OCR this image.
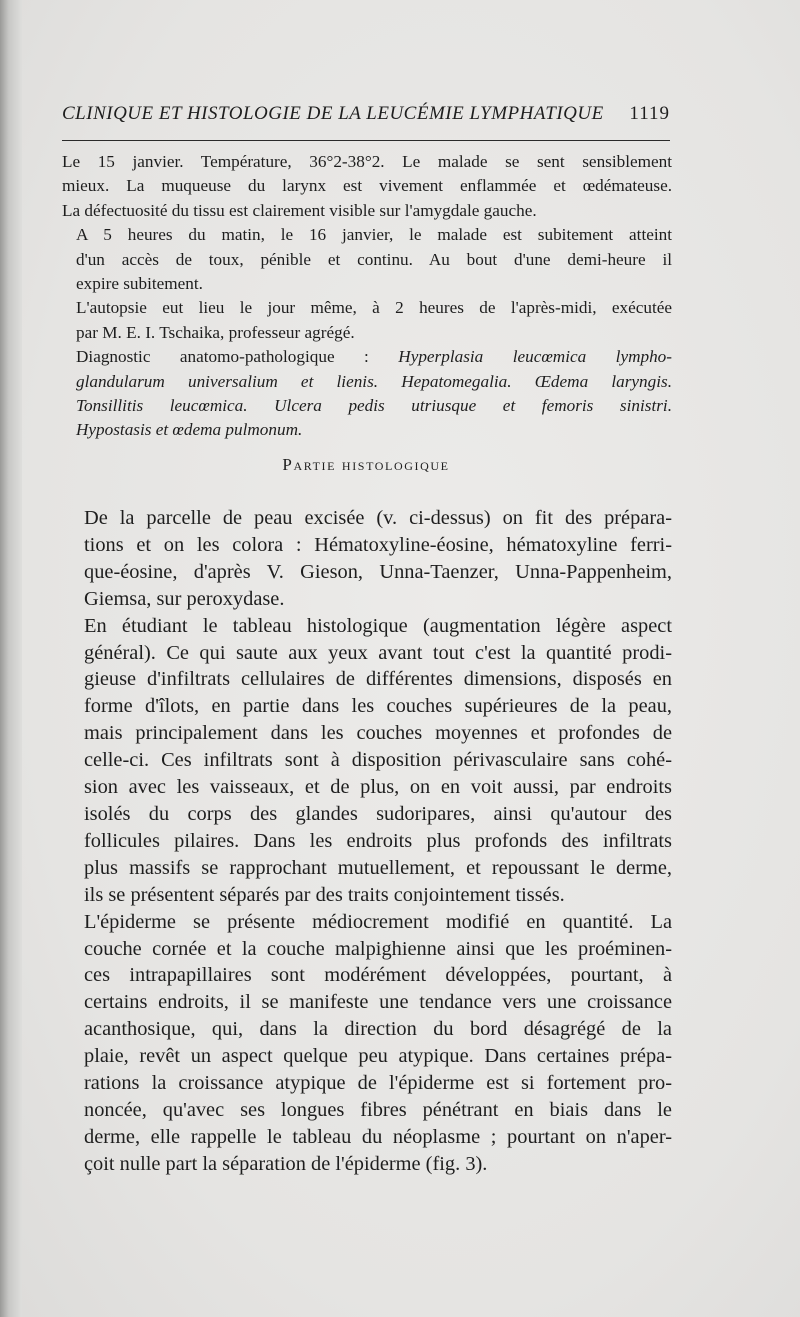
CLINIQUE ET HISTOLOGIE DE LA LEUCÉMIE LYMPHATIQUE 1119

Le 15 janvier. Température, 36°2-38°2. Le malade se sent sensiblement
mieux. La muqueuse du larynx est vivement enflammée et œdémateuse.
La défectuosité du tissu est clairement visible sur l'amygdale gauche.

A 5 heures du matin, le 16 janvier, le malade est subitement atteint
d'un accès de toux, pénible et continu. Au bout d'une demi-heure il
expire subitement.

L'autopsie eut lieu le jour même, à 2 heures de l'après-midi, exécutée
par M. E. I. Tschaika, professeur agrégé.

Diagnostic anatomo-pathologique : Hyperplasia leucœmica lympho-
glandularum universalium et lienis. Hepatomegalia. Œdema laryngis.
Tonsillitis leucœmica. Ulcera pedis utriusque et femoris sinistri.
Hypostasis et œdema pulmonum.

Partie histologique

De la parcelle de peau excisée (v. ci-dessus) on fit des prépara-
tions et on les colora : Hématoxyline-éosine, hématoxyline ferri-
que-éosine, d'après V. Gieson, Unna-Taenzer, Unna-Pappenheim,
Giemsa, sur peroxydase.

En étudiant le tableau histologique (augmentation légère aspect
général). Ce qui saute aux yeux avant tout c'est la quantité prodi-
gieuse d'infiltrats cellulaires de différentes dimensions, disposés en
forme d'îlots, en partie dans les couches supérieures de la peau,
mais principalement dans les couches moyennes et profondes de
celle-ci. Ces infiltrats sont à disposition périvasculaire sans cohé-
sion avec les vaisseaux, et de plus, on en voit aussi, par endroits
isolés du corps des glandes sudoripares, ainsi qu'autour des
follicules pilaires. Dans les endroits plus profonds des infiltrats
plus massifs se rapprochant mutuellement, et repoussant le derme,
ils se présentent séparés par des traits conjointement tissés.

L'épiderme se présente médiocrement modifié en quantité. La
couche cornée et la couche malpighienne ainsi que les proéminen-
ces intrapapillaires sont modérément développées, pourtant, à
certains endroits, il se manifeste une tendance vers une croissance
acanthosique, qui, dans la direction du bord désagrégé de la
plaie, revêt un aspect quelque peu atypique. Dans certaines prépa-
rations la croissance atypique de l'épiderme est si fortement pro-
noncée, qu'avec ses longues fibres pénétrant en biais dans le
derme, elle rappelle le tableau du néoplasme ; pourtant on n'aper-
çoit nulle part la séparation de l'épiderme (fig. 3).
